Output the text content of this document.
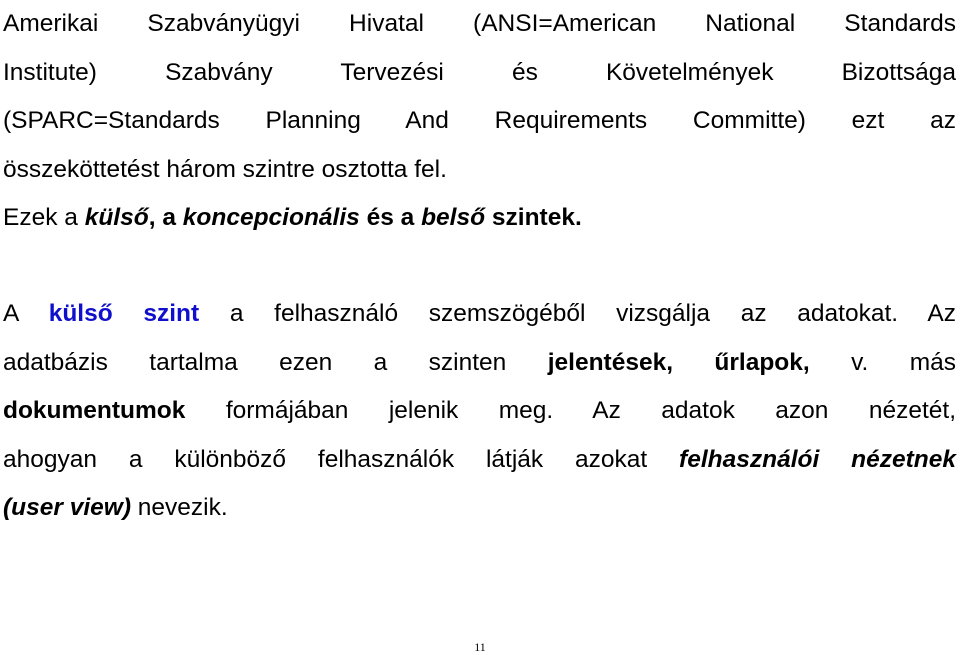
Amerikai Szabványügyi Hivatal (ANSI=American National Standards
Institute) Szabvány Tervezési és Követelmények Bizottsága
(SPARC=Standards Planning And Requirements Committe) ezt az
összeköttetést három szintre osztotta fel.
Ezek a külső, a koncepcionális és a belső szintek.
A külső szint a felhasználó szemszögéből vizsgálja az adatokat. Az
adatbázis tartalma ezen a szinten jelentések, űrlapok, v. más
dokumentumok formájában jelenik meg. Az adatok azon nézetét,
ahogyan a különböző felhasználók látják azokat felhasználói nézetnek
(user view) nevezik.
11
